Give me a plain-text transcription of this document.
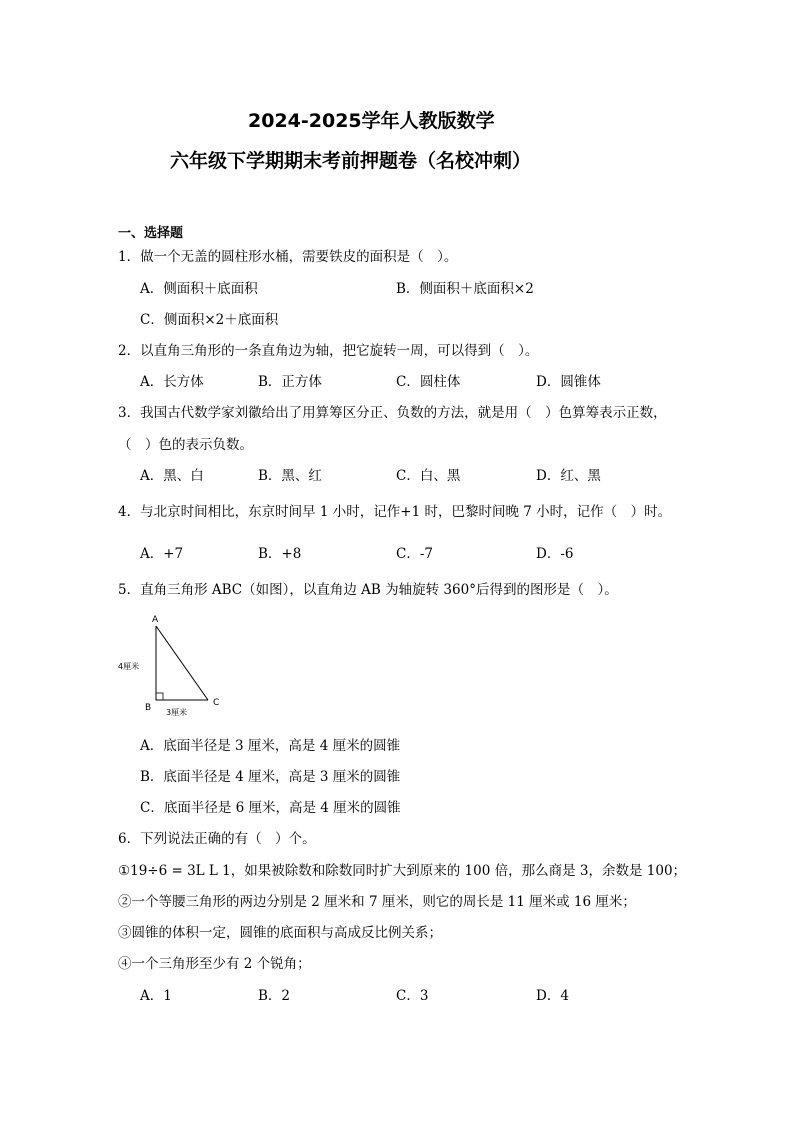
2024-2025学年人教版数学
六年级下学期期末考前押题卷（名校冲刺）
一、选择题
1．做一个无盖的圆柱形水桶，需要铁皮的面积是（　）。
A．侧面积＋底面积	B．侧面积＋底面积×2
C．侧面积×2＋底面积
2．以直角三角形的一条直角边为轴，把它旋转一周，可以得到（　）。
A．长方体	B．正方体	C．圆柱体	D．圆锥体
3．我国古代数学家刘徽给出了用算筹区分正、负数的方法，就是用（　）色算筹表示正数，
（　）色的表示负数。
A．黑、白	B．黑、红	C．白、黑	D．红、黑
4．与北京时间相比，东京时间早 1 小时，记作+1 时，巴黎时间晚 7 小时，记作（　）时。
A．+7	B．+8	C．-7	D．-6
5．直角三角形 ABC（如图），以直角边 AB 为轴旋转 360°后得到的图形是（　）。
A
B	C
4厘米
3厘米
A．底面半径是 3 厘米，高是 4 厘米的圆锥
B．底面半径是 4 厘米，高是 3 厘米的圆锥
C．底面半径是 6 厘米，高是 4 厘米的圆锥
6．下列说法正确的有（　）个。
①19÷6 = 3L L 1，如果被除数和除数同时扩大到原来的 100 倍，那么商是 3，余数是 100；
②一个等腰三角形的两边分别是 2 厘米和 7 厘米，则它的周长是 11 厘米或 16 厘米；
③圆锥的体积一定，圆锥的底面积与高成反比例关系；
④一个三角形至少有 2 个锐角；
A．1	B．2	C．3	D．4
